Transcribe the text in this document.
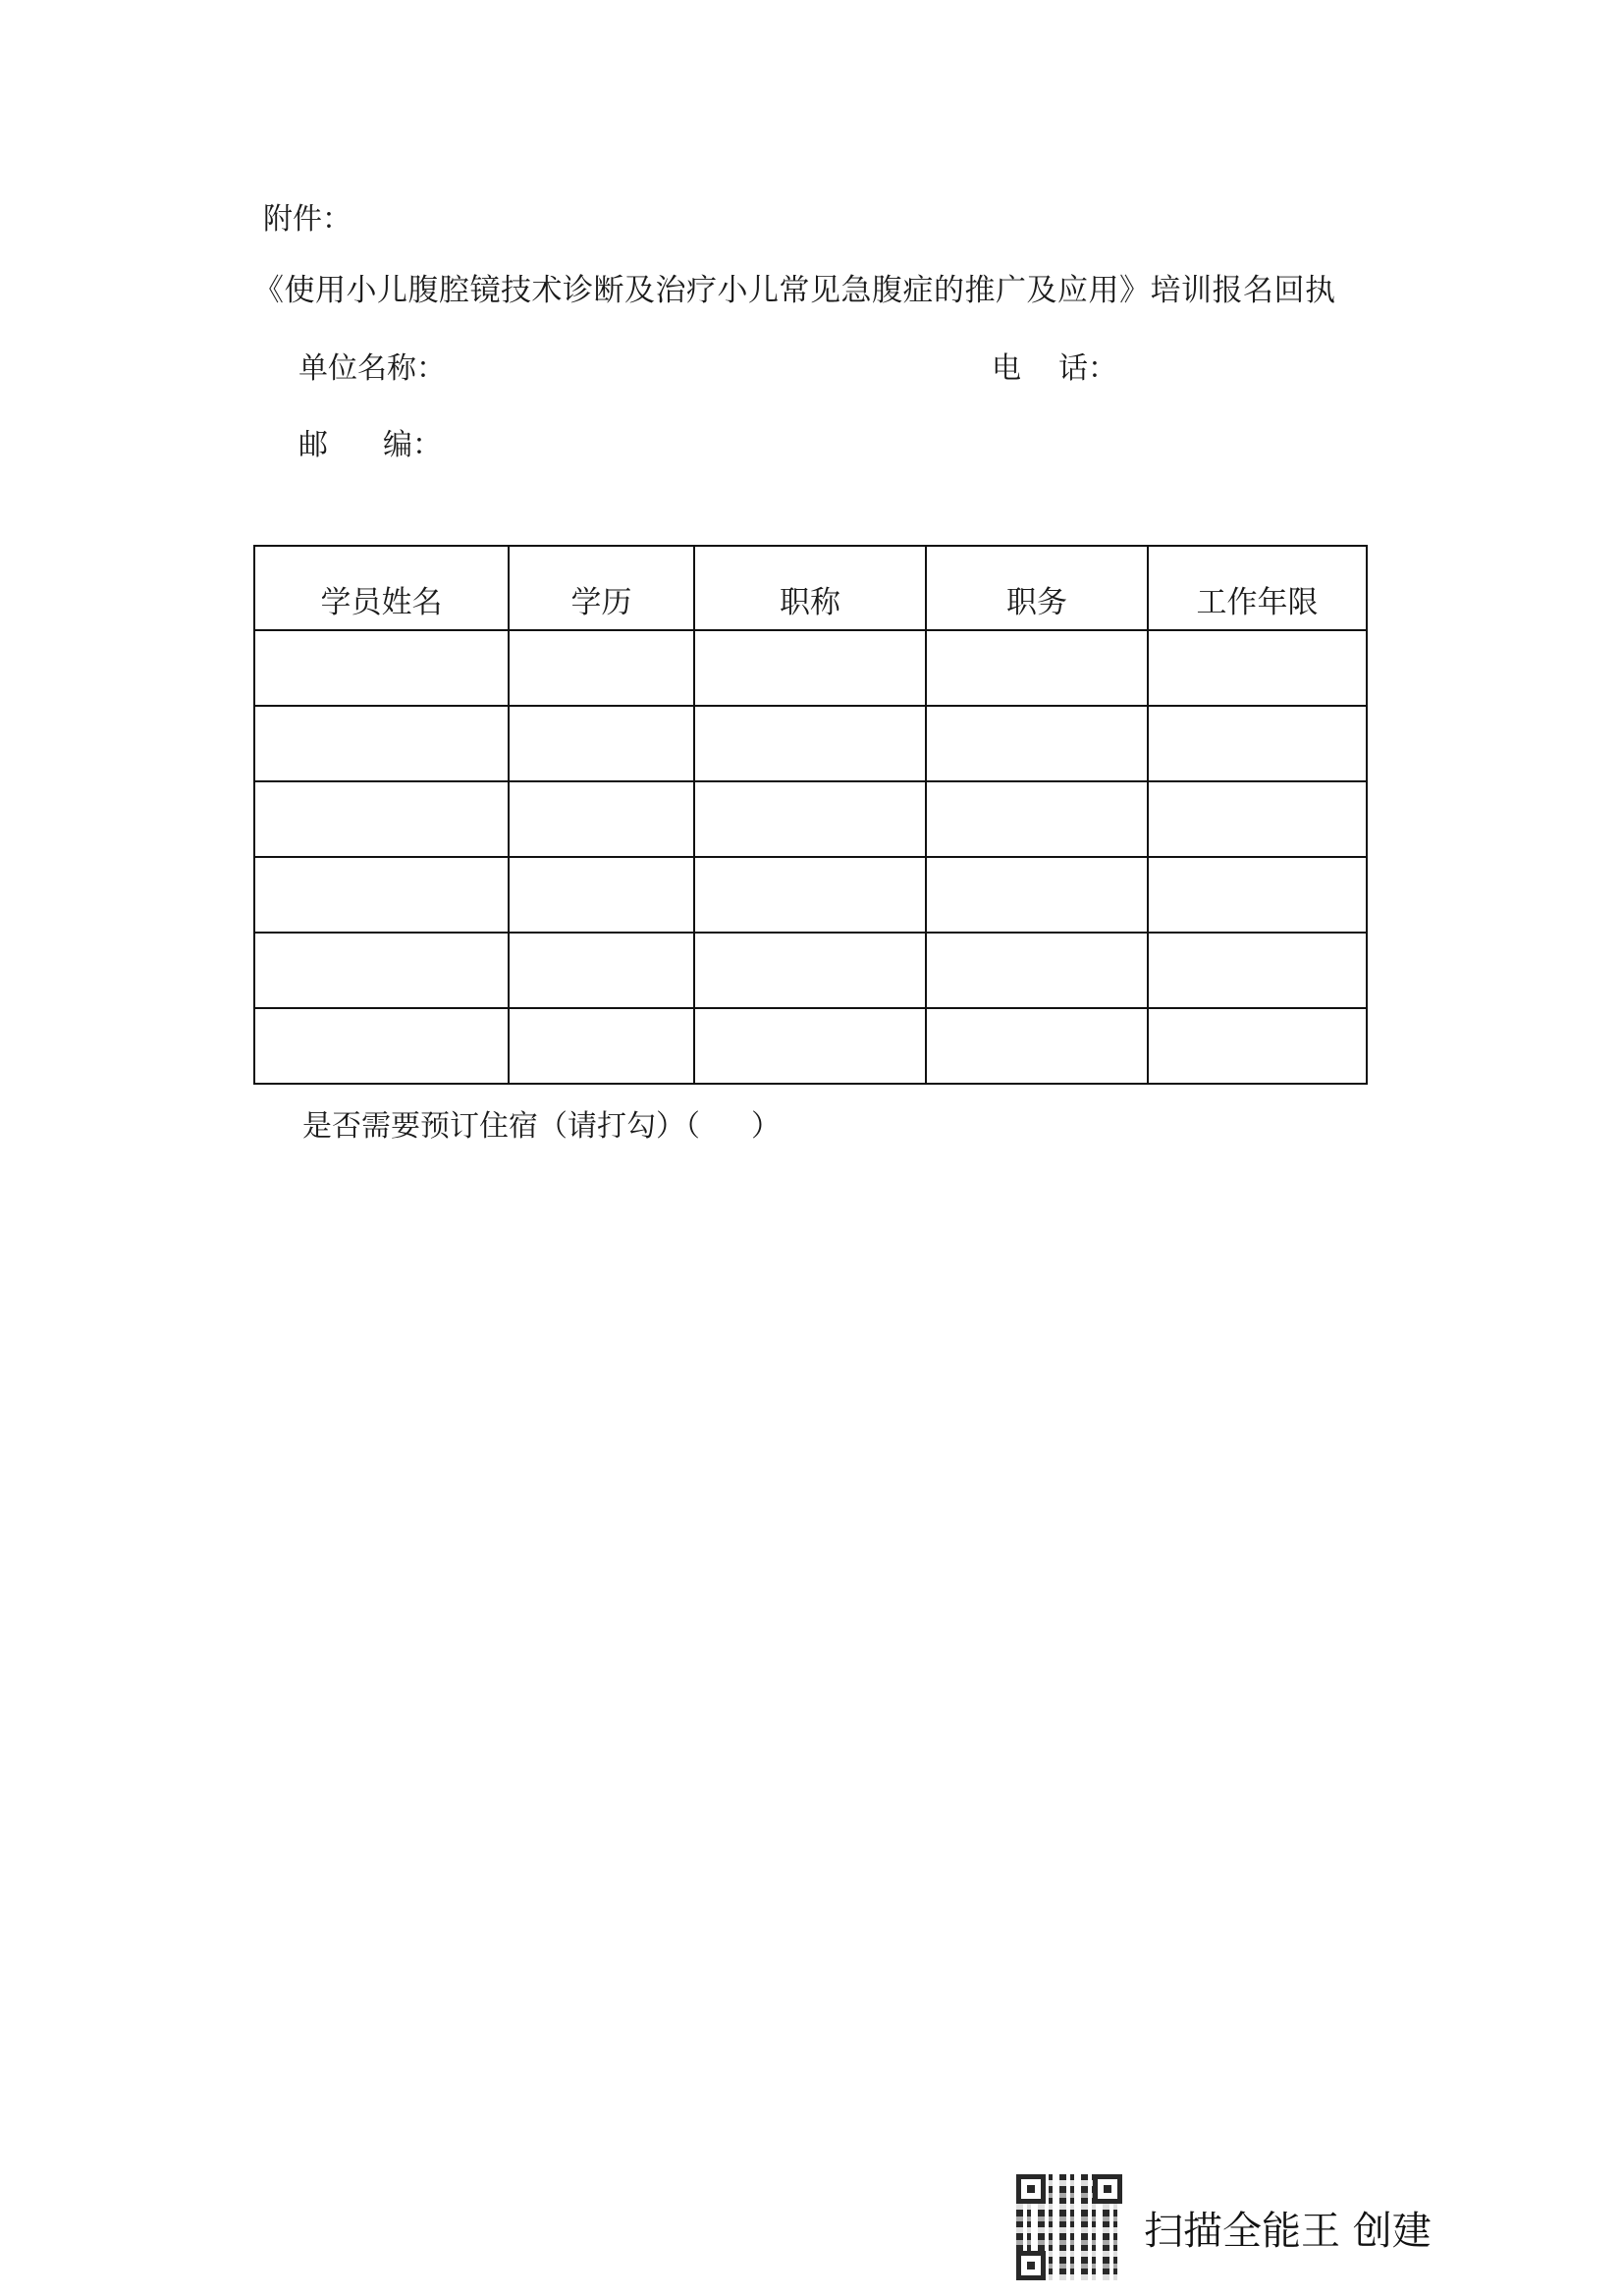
附件：
《使用小儿腹腔镜技术诊断及治疗小儿常见急腹症的推广及应用》培训报名回执
单位名称：	电 话：
邮 编：
学员姓名	学历	职称	职务	工作年限

是否需要预订住宿（请打勾）（ ）
扫描全能王 创建
